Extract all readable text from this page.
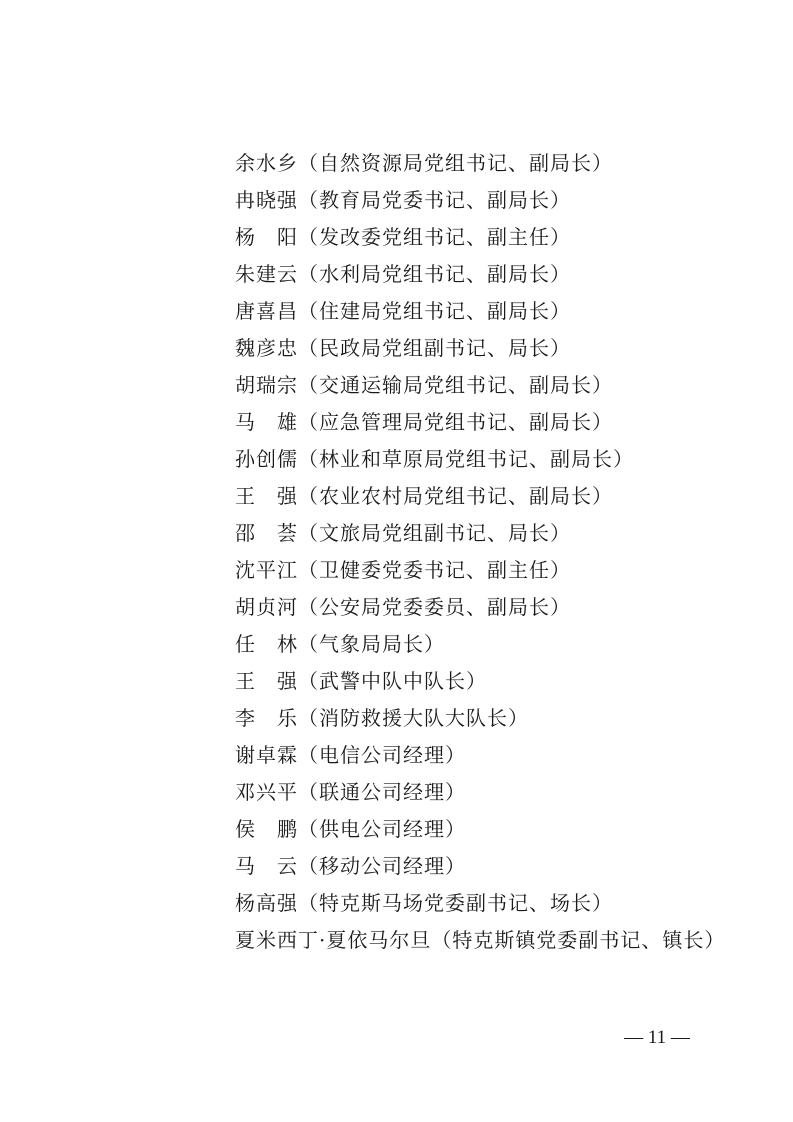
余水乡（自然资源局党组书记、副局长）
冉晓强（教育局党委书记、副局长）
杨　阳（发改委党组书记、副主任）
朱建云（水利局党组书记、副局长）
唐喜昌（住建局党组书记、副局长）
魏彦忠（民政局党组副书记、局长）
胡瑞宗（交通运输局党组书记、副局长）
马　雄（应急管理局党组书记、副局长）
孙创儒（林业和草原局党组书记、副局长）
王　强（农业农村局党组书记、副局长）
邵　荟（文旅局党组副书记、局长）
沈平江（卫健委党委书记、副主任）
胡贞河（公安局党委委员、副局长）
任　林（气象局局长）
王　强（武警中队中队长）
李　乐（消防救援大队大队长）
谢卓霖（电信公司经理）
邓兴平（联通公司经理）
侯　鹏（供电公司经理）
马　云（移动公司经理）
杨高强（特克斯马场党委副书记、场长）
夏米西丁·夏依马尔旦（特克斯镇党委副书记、镇长）
— 11 —
